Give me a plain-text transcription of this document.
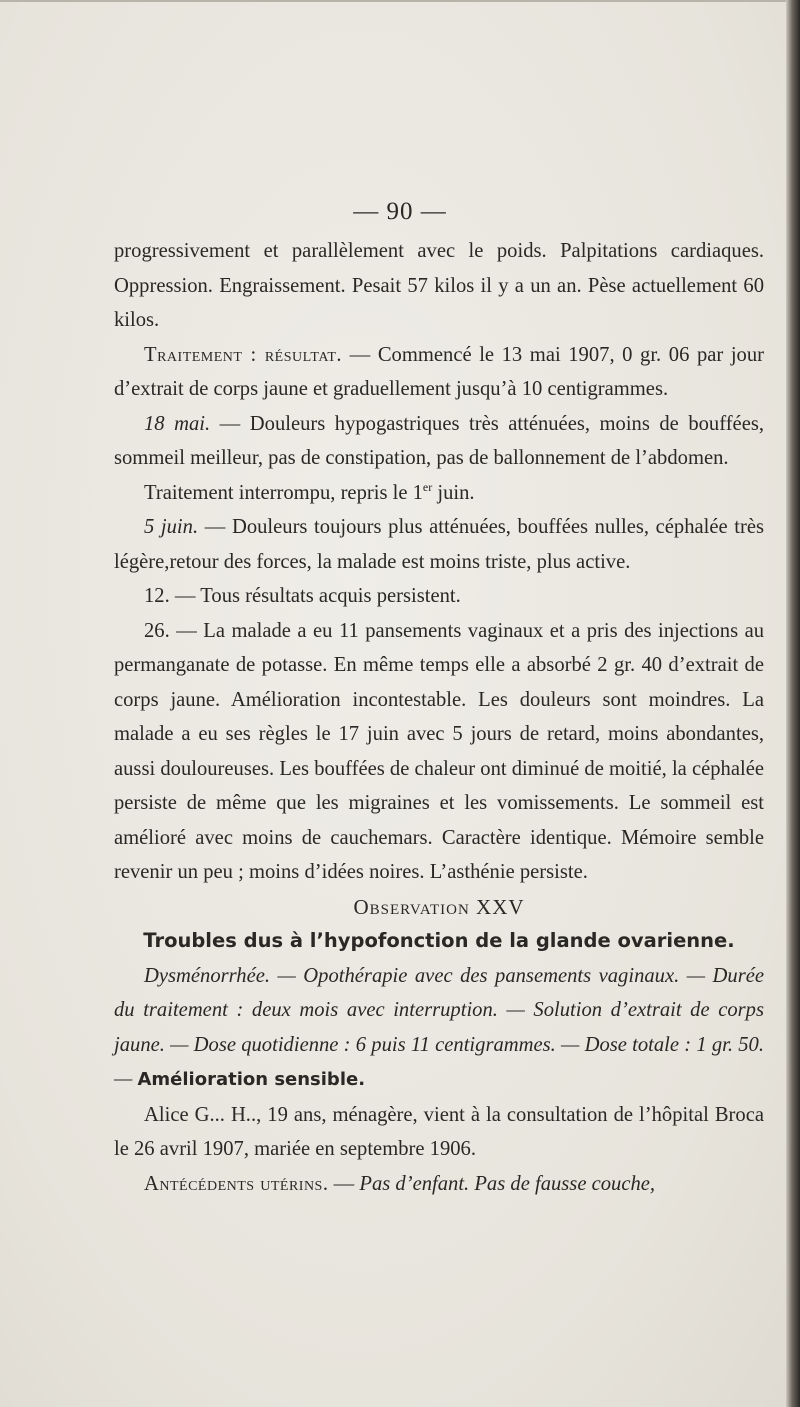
— 90 —

progressivement et parallèlement avec le poids. Palpitations cardiaques. Oppression. Engraissement. Pesait 57 kilos il y a un an. Pèse actuellement 60 kilos.

Traitement : résultat. — Commencé le 13 mai 1907, 0 gr. 06 par jour d’extrait de corps jaune et graduellement jusqu’à 10 centigrammes.

18 mai. — Douleurs hypogastriques très atténuées, moins de bouffées, sommeil meilleur, pas de constipation, pas de ballonnement de l’abdomen.

Traitement interrompu, repris le 1er juin.

5 juin. — Douleurs toujours plus atténuées, bouffées nulles, céphalée très légère,retour des forces, la malade est moins triste, plus active.

12. — Tous résultats acquis persistent.

26. — La malade a eu 11 pansements vaginaux et a pris des injections au permanganate de potasse. En même temps elle a absorbé 2 gr. 40 d’extrait de corps jaune. Amélioration incontestable. Les douleurs sont moindres. La malade a eu ses règles le 17 juin avec 5 jours de retard, moins abondantes, aussi douloureuses. Les bouffées de chaleur ont diminué de moitié, la céphalée persiste de même que les migraines et les vomissements. Le sommeil est amélioré avec moins de cauchemars. Caractère identique. Mémoire semble revenir un peu ; moins d’idées noires. L’asthénie persiste.

Observation XXV

Troubles dus à l’hypofonction de la glande ovarienne.

Dysménorrhée. — Opothérapie avec des pansements vaginaux. — Durée du traitement : deux mois avec interruption. — Solution d’extrait de corps jaune. — Dose quotidienne : 6 puis 11 centigrammes. — Dose totale : 1 gr. 50. — Amélioration sensible.

Alice G... H.., 19 ans, ménagère, vient à la consultation de l’hôpital Broca le 26 avril 1907, mariée en septembre 1906.

Antécédents utérins. — Pas d’enfant. Pas de fausse couche,
